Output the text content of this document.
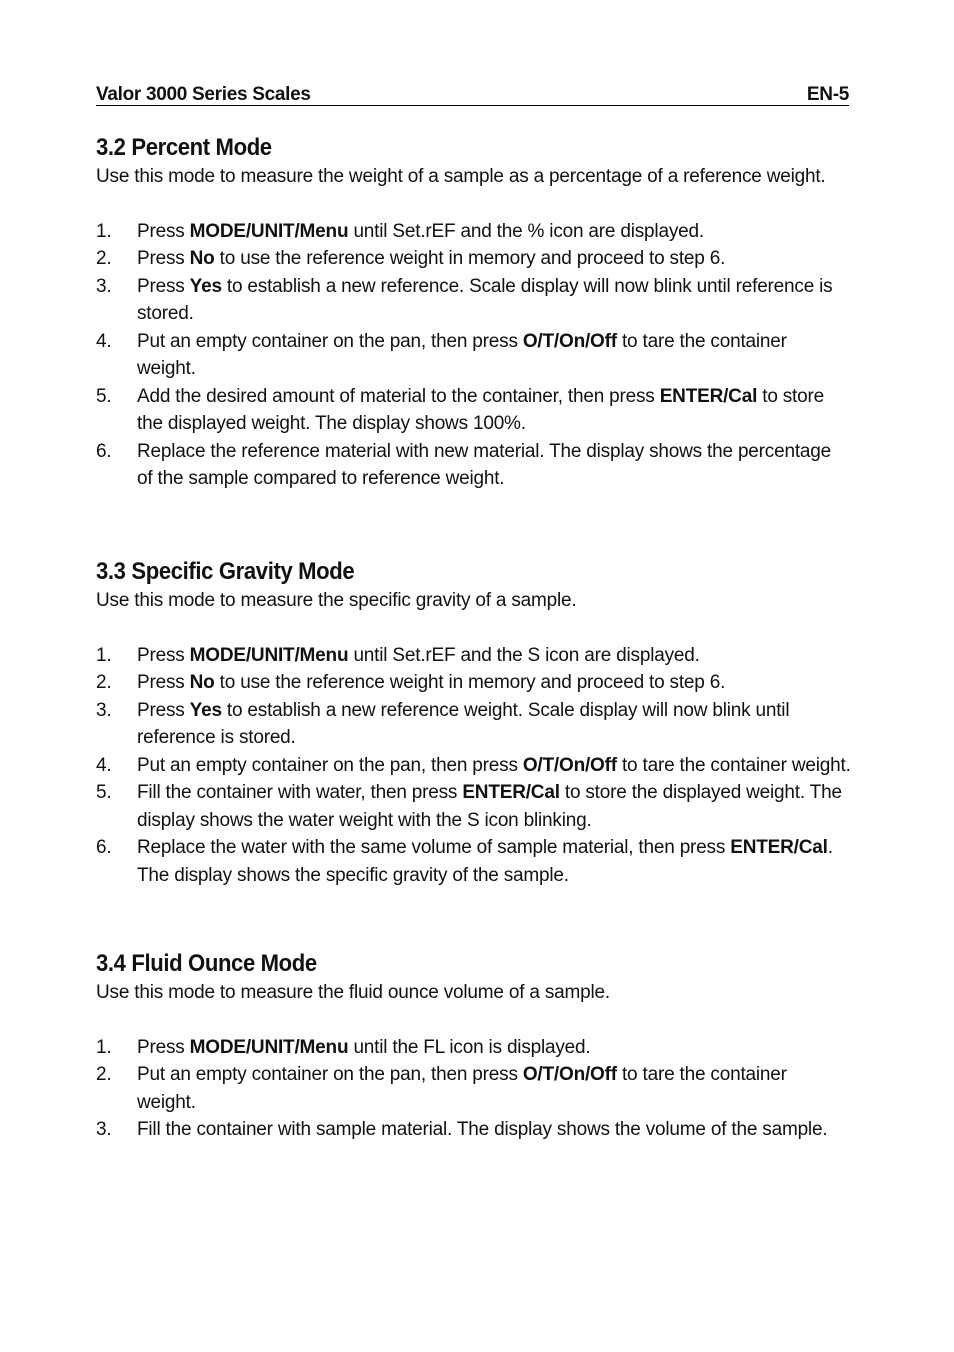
Valor 3000 Series Scales	EN-5
3.2 Percent Mode

Use this mode to measure the weight of a sample as a percentage of a reference weight.

1. Press MODE/UNIT/Menu until Set.rEF and the % icon are displayed.
2. Press No to use the reference weight in memory and proceed to step 6.
3. Press Yes to establish a new reference. Scale display will now blink until reference is stored.
4. Put an empty container on the pan, then press O/T/On/Off to tare the container weight.
5. Add the desired amount of material to the container, then press ENTER/Cal to store the displayed weight. The display shows 100%.
6. Replace the reference material with new material. The display shows the percentage of the sample compared to reference weight.
3.3 Specific Gravity Mode

Use this mode to measure the specific gravity of a sample.

1. Press MODE/UNIT/Menu until Set.rEF and the S icon are displayed.
2. Press No to use the reference weight in memory and proceed to step 6.
3. Press Yes to establish a new reference weight. Scale display will now blink until reference is stored.
4. Put an empty container on the pan, then press O/T/On/Off to tare the container weight.
5. Fill the container with water, then press ENTER/Cal to store the displayed weight. The display shows the water weight with the S icon blinking.
6. Replace the water with the same volume of sample material, then press ENTER/Cal. The display shows the specific gravity of the sample.
3.4 Fluid Ounce Mode

Use this mode to measure the fluid ounce volume of a sample.

1. Press MODE/UNIT/Menu until the FL icon is displayed.
2. Put an empty container on the pan, then press O/T/On/Off to tare the container weight.
3. Fill the container with sample material. The display shows the volume of the sample.
